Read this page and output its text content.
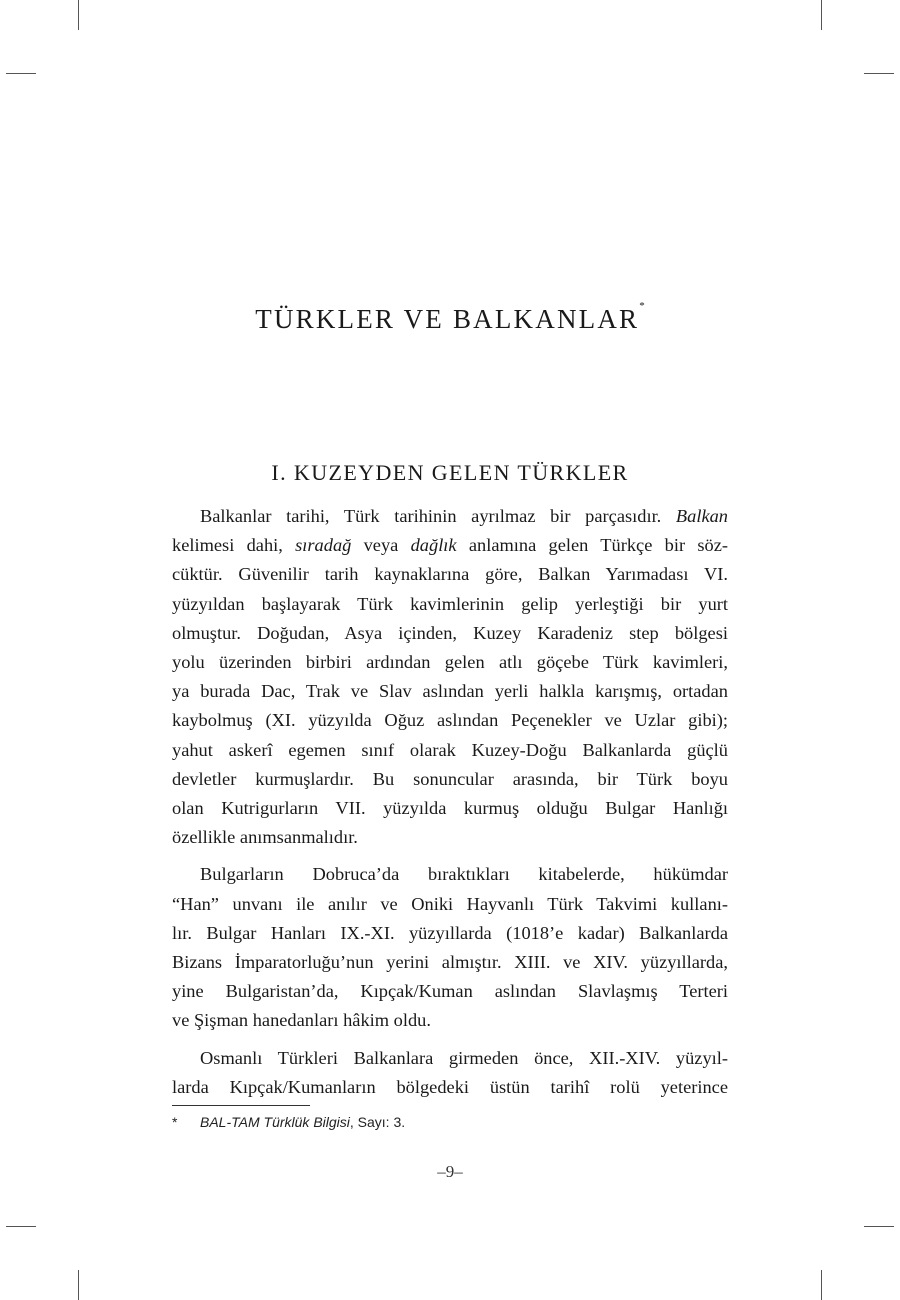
TÜRKLER VE BALKANLAR*
I. KUZEYDEN GELEN TÜRKLER

Balkanlar tarihi, Türk tarihinin ayrılmaz bir parçasıdır. Balkan
kelimesi dahi, sıradağ veya dağlık anlamına gelen Türkçe bir söz-
cüktür. Güvenilir tarih kaynaklarına göre, Balkan Yarımadası VI.
yüzyıldan başlayarak Türk kavimlerinin gelip yerleştiği bir yurt
olmuştur. Doğudan, Asya içinden, Kuzey Karadeniz step bölgesi
yolu üzerinden birbiri ardından gelen atlı göçebe Türk kavimleri,
ya burada Dac, Trak ve Slav aslından yerli halkla karışmış, ortadan
kaybolmuş (XI. yüzyılda Oğuz aslından Peçenekler ve Uzlar gibi);
yahut askerî egemen sınıf olarak Kuzey-Doğu Balkanlarda güçlü
devletler kurmuşlardır. Bu sonuncular arasında, bir Türk boyu
olan Kutrigurların VII. yüzyılda kurmuş olduğu Bulgar Hanlığı
özellikle anımsanmalıdır.

Bulgarların Dobruca’da bıraktıkları kitabelerde, hükümdar
“Han” unvanı ile anılır ve Oniki Hayvanlı Türk Takvimi kullanı-
lır. Bulgar Hanları IX.-XI. yüzyıllarda (1018’e kadar) Balkanlarda
Bizans İmparatorluğu’nun yerini almıştır. XIII. ve XIV. yüzyıllarda,
yine Bulgaristan’da, Kıpçak/Kuman aslından Slavlaşmış Terteri
ve Şişman hanedanları hâkim oldu.

Osmanlı Türkleri Balkanlara girmeden önce, XII.-XIV. yüzyıl-
larda Kıpçak/Kumanların bölgedeki üstün tarihî rolü yeterince

* BAL-TAM Türklük Bilgisi, Sayı: 3.
–9–
